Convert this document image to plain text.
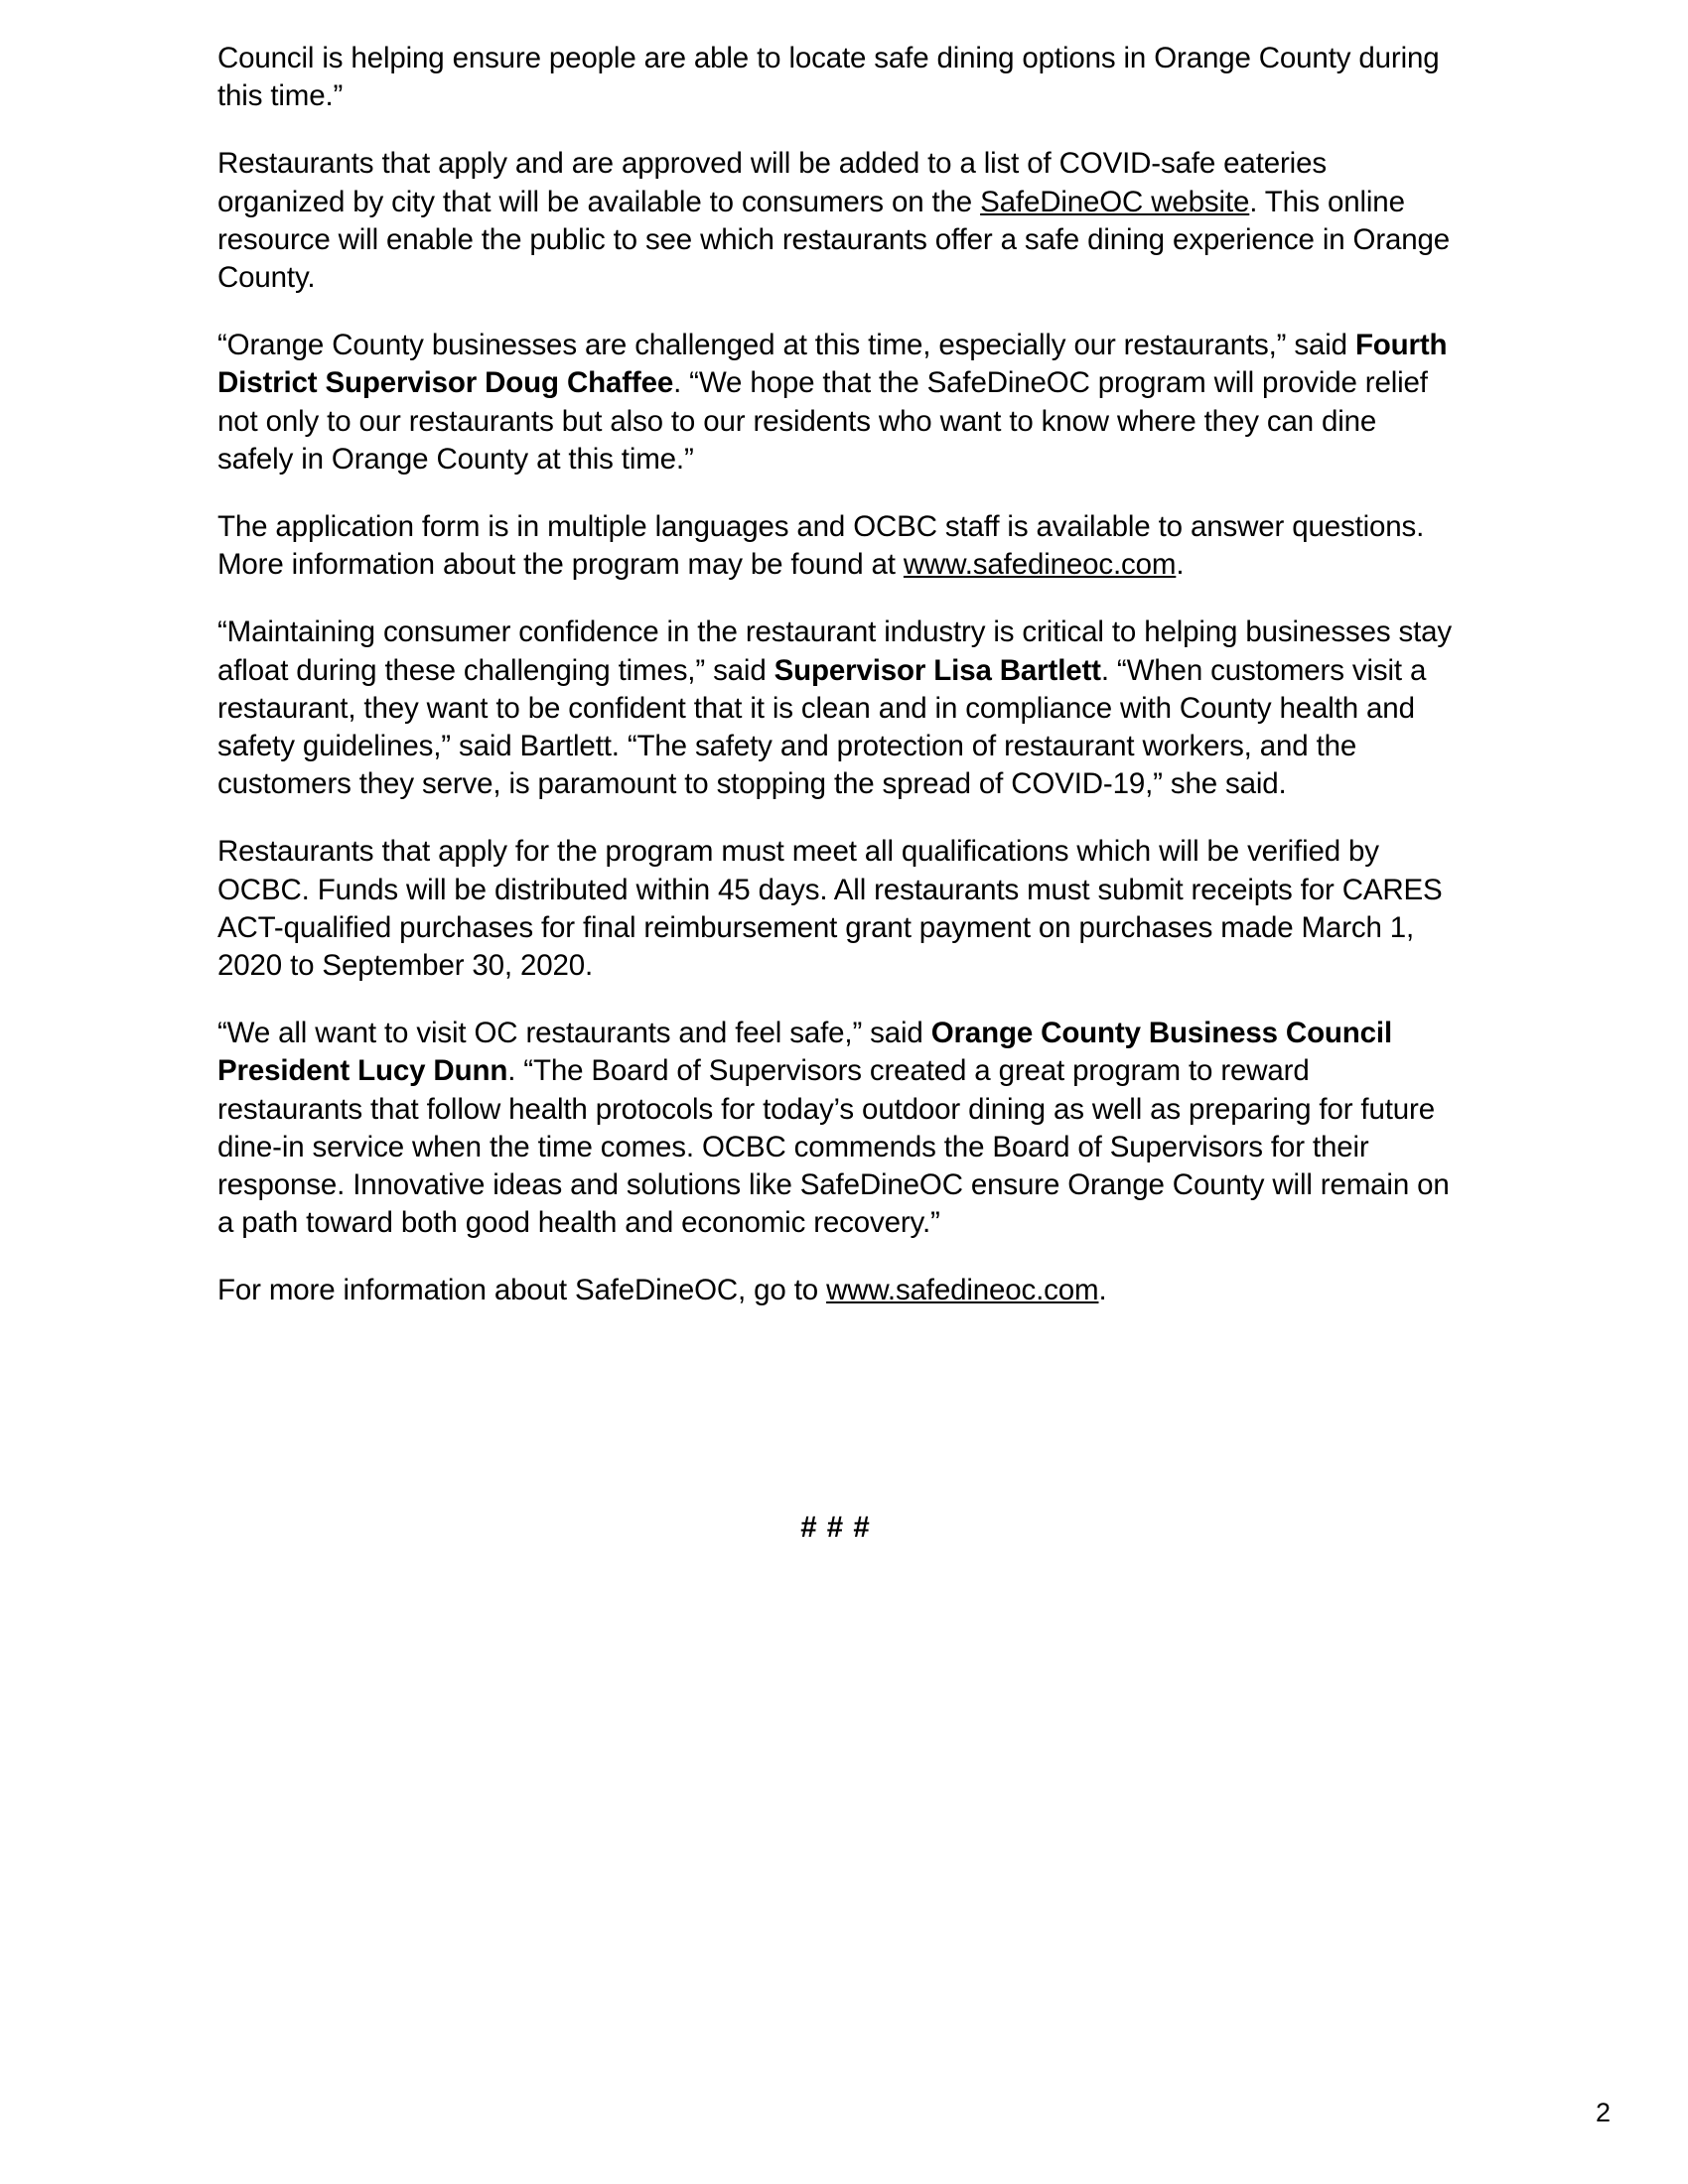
Council is helping ensure people are able to locate safe dining options in Orange County during this time.”

Restaurants that apply and are approved will be added to a list of COVID-safe eateries organized by city that will be available to consumers on the SafeDineOC website. This online resource will enable the public to see which restaurants offer a safe dining experience in Orange County.

“Orange County businesses are challenged at this time, especially our restaurants,” said Fourth District Supervisor Doug Chaffee. “We hope that the SafeDineOC program will provide relief not only to our restaurants but also to our residents who want to know where they can dine safely in Orange County at this time.”

The application form is in multiple languages and OCBC staff is available to answer questions. More information about the program may be found at www.safedineoc.com.

“Maintaining consumer confidence in the restaurant industry is critical to helping businesses stay afloat during these challenging times,” said Supervisor Lisa Bartlett. “When customers visit a restaurant, they want to be confident that it is clean and in compliance with County health and safety guidelines,” said Bartlett. “The safety and protection of restaurant workers, and the customers they serve, is paramount to stopping the spread of COVID-19,” she said.

Restaurants that apply for the program must meet all qualifications which will be verified by OCBC. Funds will be distributed within 45 days. All restaurants must submit receipts for CARES ACT-qualified purchases for final reimbursement grant payment on purchases made March 1, 2020 to September 30, 2020.

“We all want to visit OC restaurants and feel safe,” said Orange County Business Council President Lucy Dunn. “The Board of Supervisors created a great program to reward restaurants that follow health protocols for today’s outdoor dining as well as preparing for future dine-in service when the time comes. OCBC commends the Board of Supervisors for their response. Innovative ideas and solutions like SafeDineOC ensure Orange County will remain on a path toward both good health and economic recovery.”

For more information about SafeDineOC, go to www.safedineoc.com.

# # #
2
